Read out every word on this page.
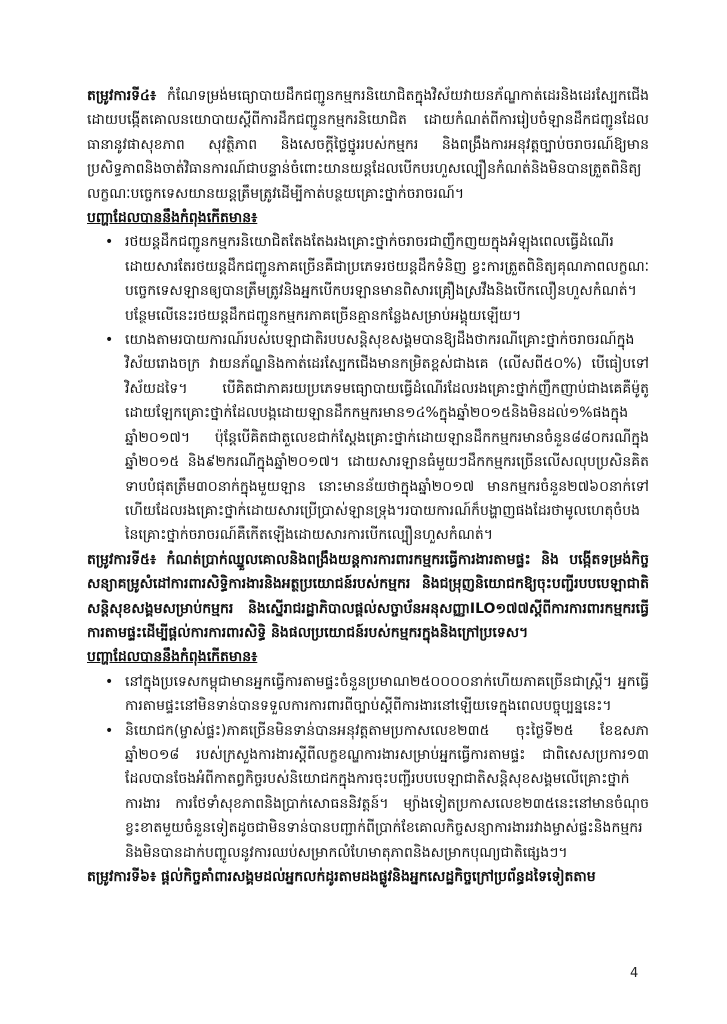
តម្រូវការទី៤៖ កំណែទម្រង់មធ្យោបាយដឹកជញ្ជូនកម្មករនិយោជិតក្នុងវិស័យវាយនភ័ណ្ឌកាត់ដេរនិងដេរស្បែកជើង ដោយបង្កើតគោលនយោបាយស្តីពីការដឹកជញ្ជូនកម្មករនិយោជិត ដោយកំណត់ពីការរៀបចំឡានដឹកជញ្ជូនដែលធានានូវផាសុខភាព សុវត្ថិភាព និងសេចក្តីថ្លៃថ្នូររបស់កម្មករ និងពង្រឹងការអនុវត្តច្បាប់ចរាចរណ៍ឱ្យមានប្រសិទ្ធភាពនិងចាត់វិធានការណ៍ជាបន្ទាន់ចំពោះយានយន្តដែលបើកបរហួសល្បឿនកំណត់និងមិនបានត្រួតពិនិត្យលក្ខណៈបច្ចេកទេសយានយន្តត្រឹមត្រូវដើម្បីកាត់បន្ថយគ្រោះថ្នាក់ចរាចរណ៍។

បញ្ហាដែលបាននឹងកំពុងកើតមាន៖

• រថយន្តដឹកជញ្ជូនកម្មករនិយោជិតតែងតែងរងគ្រោះថ្នាក់ចរាចរជាញឹកញយក្នុងអំឡុងពេលធ្វើដំណើរដោយសារតែរថយន្តដឹកជញ្ជូនភាគច្រើនគឺជាប្រភេទរថយន្តដឹកទំនិញ ខ្វះការត្រួតពិនិត្យគុណភាពលក្ខណៈបច្ចេកទេសឡានឲ្យបានត្រឹមត្រូវនិងអ្នកបើកបរឡានមានពិសារគ្រឿងស្រវឹងនិងបើកលឿនហួសកំណត់។ បន្ថែមលើនេះរថយន្តដឹកជញ្ជូនកម្មករភាគច្រើនគ្មានកន្លែងសម្រាប់អង្គុយឡើយ។
• យោងតាមរបាយការណ៍របស់បេឡាជាតិរបបសន្តិសុខសង្គមបានឱ្យដឹងថាករណីគ្រោះថ្នាក់ចរាចរណ៍ក្នុងវិស័យរោងចក្រ វាយនភ័ណ្ឌនិងកាត់ដេរស្បែកជើងមានកម្រិតខ្ពស់ជាងគេ (លើសពី៥០%) បើធៀបទៅវិស័យដទៃ។ បើគិតជាភាគរយប្រភេទមធ្យោបាយធ្វើដំណើរដែលរងគ្រោះថ្នាក់ញឹកញាប់ជាងគេគឺម៉ូតូដោយឡែកគ្រោះថ្នាក់ដែលបង្កដោយឡានដឹកកម្មករមាន១៤%ក្នុងឆ្នាំ២០១៥និងមិនដល់១%ផងក្នុងឆ្នាំ២០១៧។ ប៉ុន្តែបើគិតជាតួលេខជាក់ស្តែងគ្រោះថ្នាក់ដោយឡានដឹកកម្មករមានចំនួន៨៨០ករណីក្នុងឆ្នាំ២០១៥ និង៩២ករណីក្នុងឆ្នាំ២០១៧។ ដោយសារឡានធំមួយៗដឹកកម្មករច្រើនលើសលុបប្រសិនគិតទាបបំផុតត្រឹម៣០នាក់ក្នុងមួយឡាន នោះមានន័យថាក្នុងឆ្នាំ២០១៧ មានកម្មករចំនួន២៧៦០នាក់ទៅហើយដែលរងគ្រោះថ្នាក់ដោយសារប្រើប្រាស់ឡានទ្រុង។របាយការណ៍ក៏បង្ហាញផងដែរថាមូលហេតុចំបងនៃគ្រោះថ្នាក់ចរាចរណ៍គឺកើតឡើងដោយសារការបើកល្បឿនហួសកំណត់។

តម្រូវការទី៥៖ កំណត់ប្រាក់ឈ្នួលគោលនិងពង្រឹងយន្តការការពារកម្មករធ្វើការងារតាមផ្ទះ និង បង្កើតទម្រង់កិច្ចសន្យាគម្រូសំដៅការពារសិទ្ធិការងារនិងអត្ថប្រយោជន៍របស់កម្មករ និងជម្រុញនិយោជកឱ្យចុះបញ្ជីរបបបេឡាជាតិសន្តិសុខសង្គមសម្រាប់កម្មករ និងស្នើរាជរដ្ឋាភិបាលផ្តល់សច្ចាប័នអនុសញ្ញាILO១៧៧ស្តីពីការការពារកម្មករធ្វើការតាមផ្ទះដើម្បីផ្តល់ការការពារសិទ្ធិ និងផលប្រយោជន៍របស់កម្មករក្នុងនិងក្រៅប្រទេស។

បញ្ហាដែលបាននឹងកំពុងកើតមាន៖

• នៅក្នុងប្រទេសកម្ពុជាមានអ្នកធ្វើការតាមផ្ទះចំនួនប្រមាណ២៥០០០០នាក់ហើយភាគច្រើនជាស្ត្រី។ អ្នកធ្វើការតាមផ្ទះនៅមិនទាន់បានទទួលការការពារពីច្បាប់ស្តីពីការងារនៅឡើយទេក្នុងពេលបច្ចុប្បន្ននេះ។
• និយោជក(ម្ចាស់ផ្ទះ)ភាគច្រើនមិនទាន់បានអនុវត្តតាមប្រកាសលេខ២៣៥ ចុះថ្ងៃទី២៥ ខែឧសភា ឆ្នាំ២០១៨ របស់ក្រសួងការងារស្តីពីលក្ខខណ្ឌការងារសម្រាប់អ្នកធ្វើការតាមផ្ទះ ជាពិសេសប្រការ១៣ ដែលបានចែងអំពីកាតព្វកិច្ចរបស់និយោជកក្នុងការចុះបញ្ជីរបបបេឡាជាតិសន្តិសុខសង្គមលើគ្រោះថ្នាក់ការងារ ការថែទាំសុខភាពនិងប្រាក់សោធននិវត្តន៍។ ម្យ៉ាងទៀតប្រកាសលេខ២៣៥នេះនៅមានចំណុចខ្វះខាតមួយចំនួនទៀតដូចជាមិនទាន់បានបញ្ជាក់ពីប្រាក់ខែគោលកិច្ចសន្យាការងាររវាងម្ចាស់ផ្ទះនិងកម្មករនិងមិនបានដាក់បញ្ចូលនូវការឈប់សម្រាកលំហែមាតុភាពនិងសម្រាកបុណ្យជាតិផ្សេងៗ។

តម្រូវការទី៦៖ ផ្តល់កិច្ចគាំពារសង្គមដល់អ្នកលក់ដូរតាមដងផ្លូវនិងអ្នកសេដ្ឋកិច្ចក្រៅប្រព័ន្ធដទៃទៀតតាម

4
